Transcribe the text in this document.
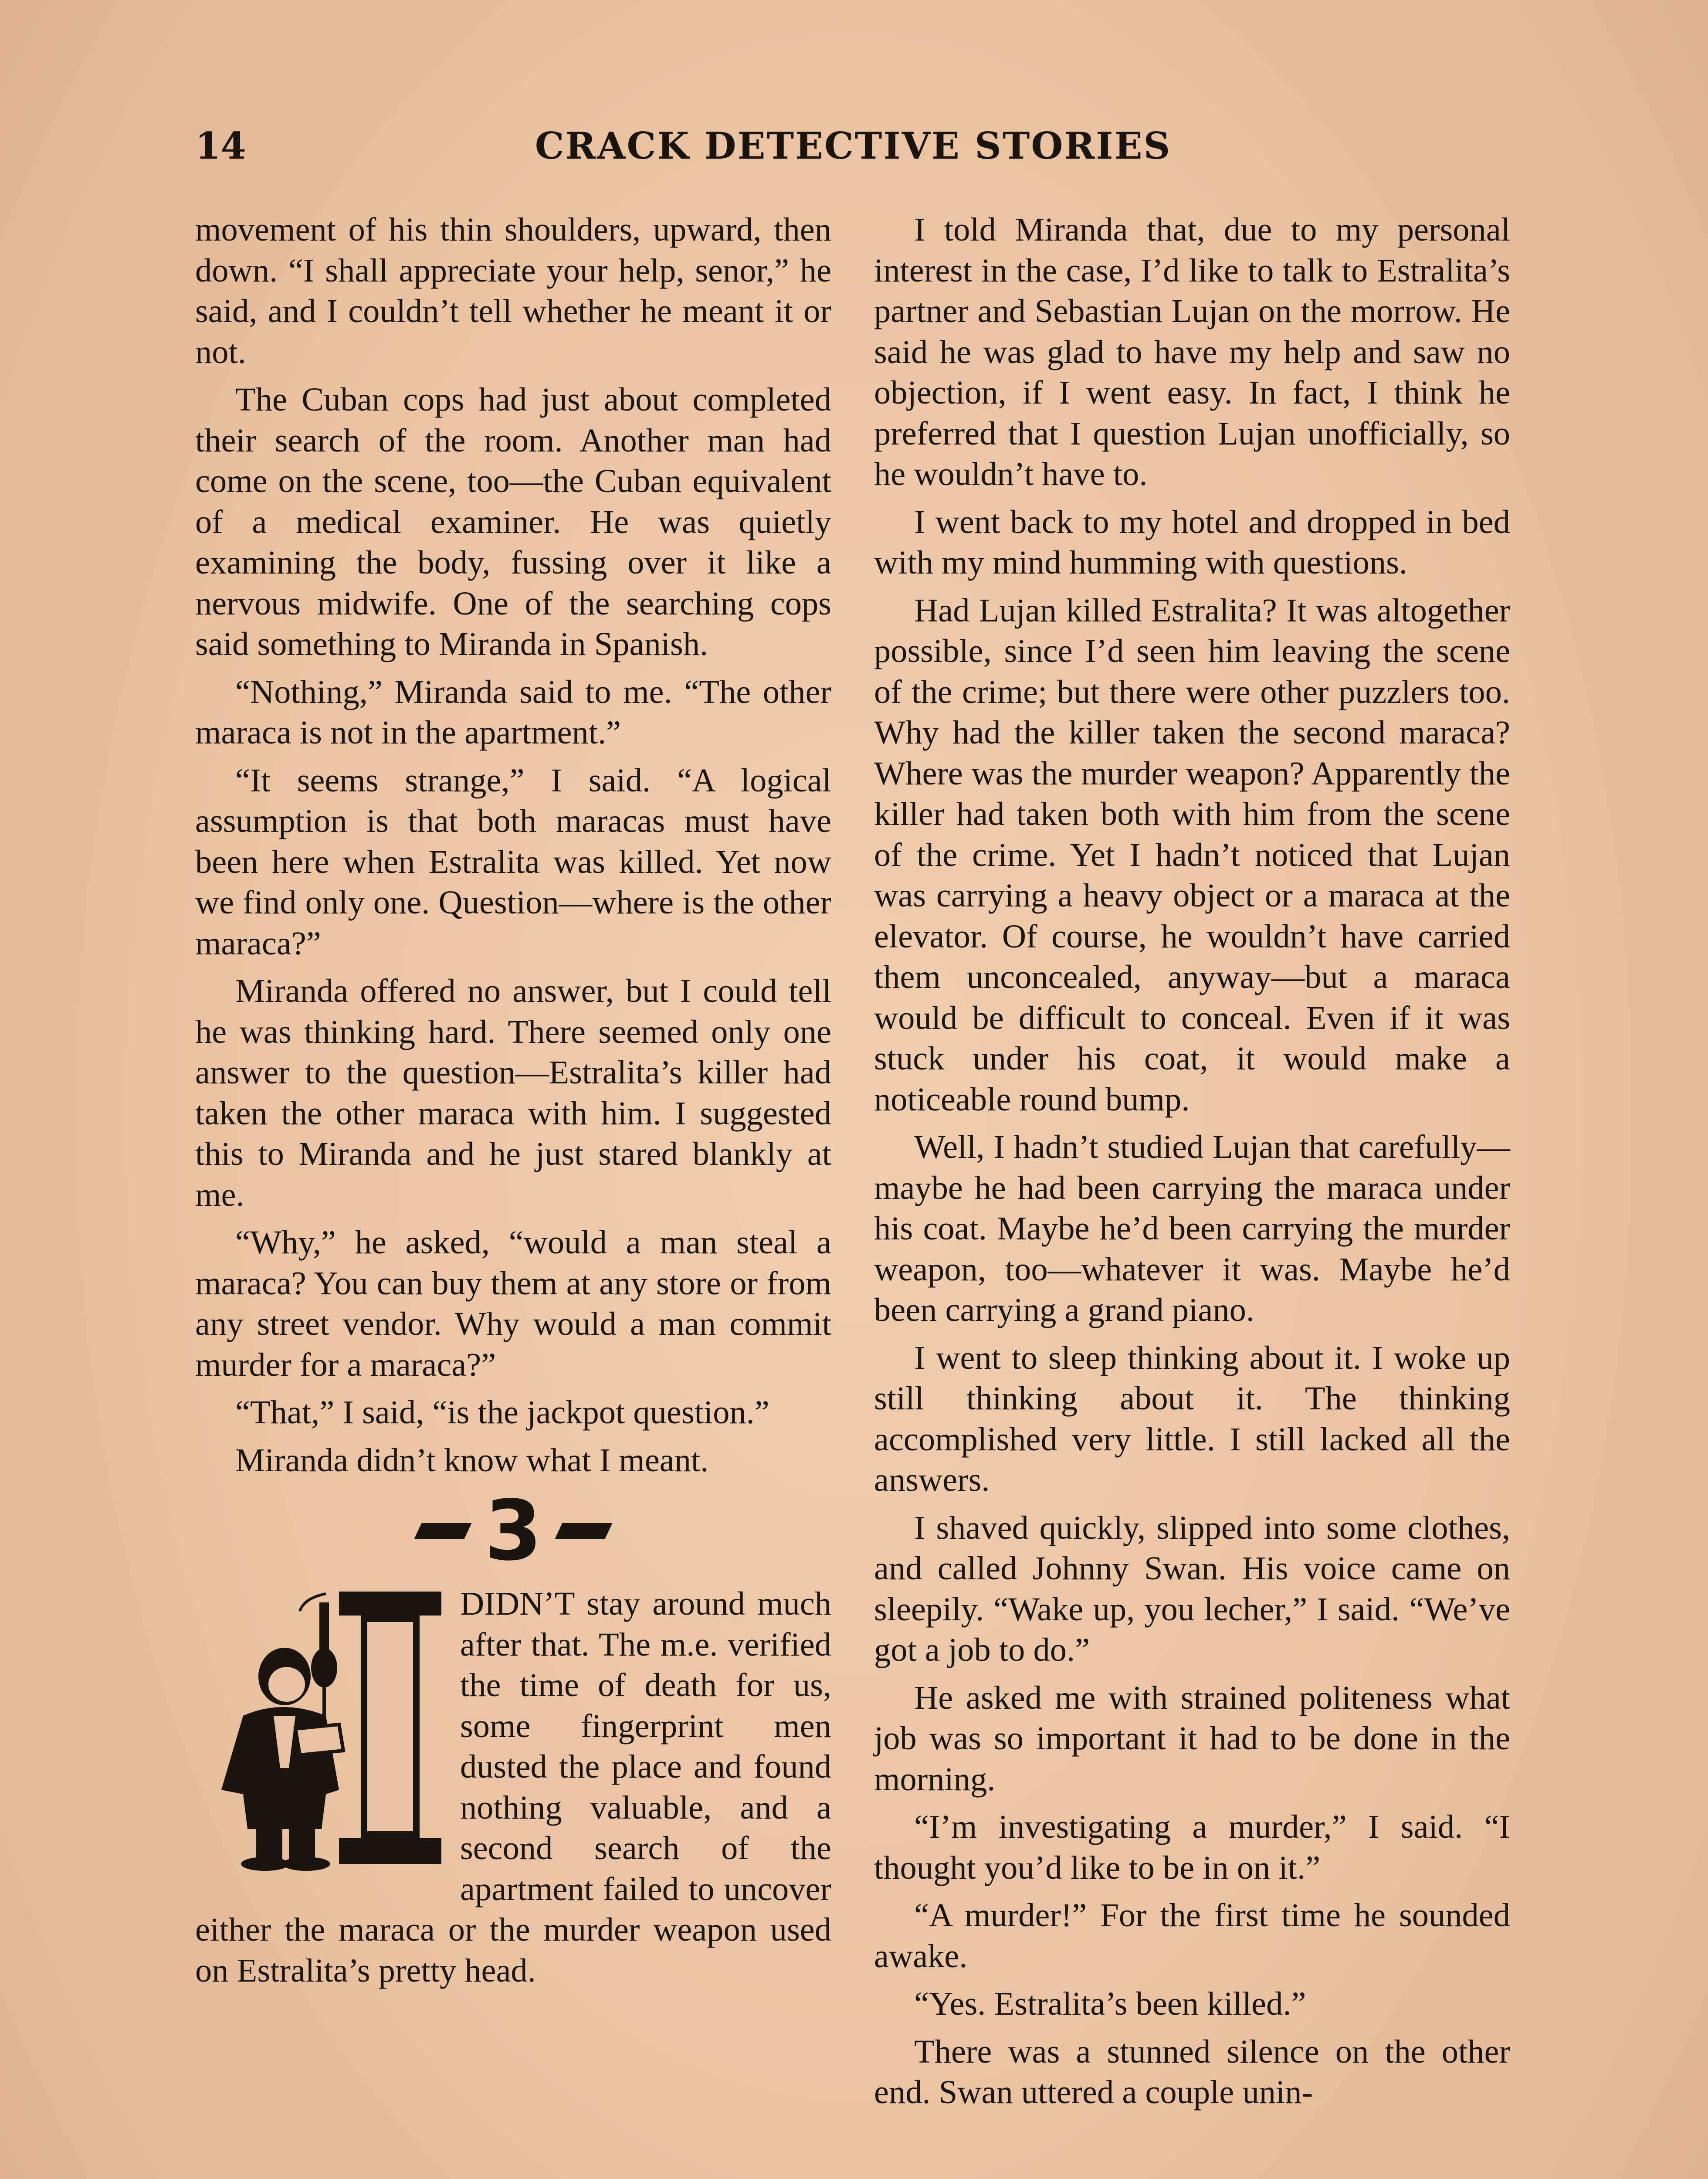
14	CRACK DETECTIVE STORIES

movement of his thin shoulders, upward, then down. “I shall appreciate your help, senor,” he said, and I couldn’t tell whether he meant it or not.

The Cuban cops had just about completed their search of the room. Another man had come on the scene, too—the Cuban equivalent of a medical examiner. He was quietly examining the body, fussing over it like a nervous midwife. One of the searching cops said something to Miranda in Spanish.

“Nothing,” Miranda said to me. “The other maraca is not in the apartment.”

“It seems strange,” I said. “A logical assumption is that both maracas must have been here when Estralita was killed. Yet now we find only one. Question—where is the other maraca?”

Miranda offered no answer, but I could tell he was thinking hard. There seemed only one answer to the question—Estralita’s killer had taken the other maraca with him. I suggested this to Miranda and he just stared blankly at me.

“Why,” he asked, “would a man steal a maraca? You can buy them at any store or from any street vendor. Why would a man commit murder for a maraca?”

“That,” I said, “is the jackpot question.”

Miranda didn’t know what I meant.

3

DIDN’T stay around much after that. The m.e. verified the time of death for us, some fingerprint men dusted the place and found nothing valuable, and a second search of the apartment failed to uncover either the maraca or the murder weapon used on Estralita’s pretty head.

I told Miranda that, due to my personal interest in the case, I’d like to talk to Estralita’s partner and Sebastian Lujan on the morrow. He said he was glad to have my help and saw no objection, if I went easy. In fact, I think he preferred that I question Lujan unofficially, so he wouldn’t have to.

I went back to my hotel and dropped in bed with my mind humming with questions.

Had Lujan killed Estralita? It was altogether possible, since I’d seen him leaving the scene of the crime; but there were other puzzlers too. Why had the killer taken the second maraca? Where was the murder weapon? Apparently the killer had taken both with him from the scene of the crime. Yet I hadn’t noticed that Lujan was carrying a heavy object or a maraca at the elevator. Of course, he wouldn’t have carried them unconcealed, anyway—but a maraca would be difficult to conceal. Even if it was stuck under his coat, it would make a noticeable round bump.

Well, I hadn’t studied Lujan that carefully—maybe he had been carrying the maraca under his coat. Maybe he’d been carrying the murder weapon, too—whatever it was. Maybe he’d been carrying a grand piano.

I went to sleep thinking about it. I woke up still thinking about it. The thinking accomplished very little. I still lacked all the answers.

I shaved quickly, slipped into some clothes, and called Johnny Swan. His voice came on sleepily. “Wake up, you lecher,” I said. “We’ve got a job to do.”

He asked me with strained politeness what job was so important it had to be done in the morning.

“I’m investigating a murder,” I said. “I thought you’d like to be in on it.”

“A murder!” For the first time he sounded awake.

“Yes. Estralita’s been killed.”

There was a stunned silence on the other end. Swan uttered a couple unin-
